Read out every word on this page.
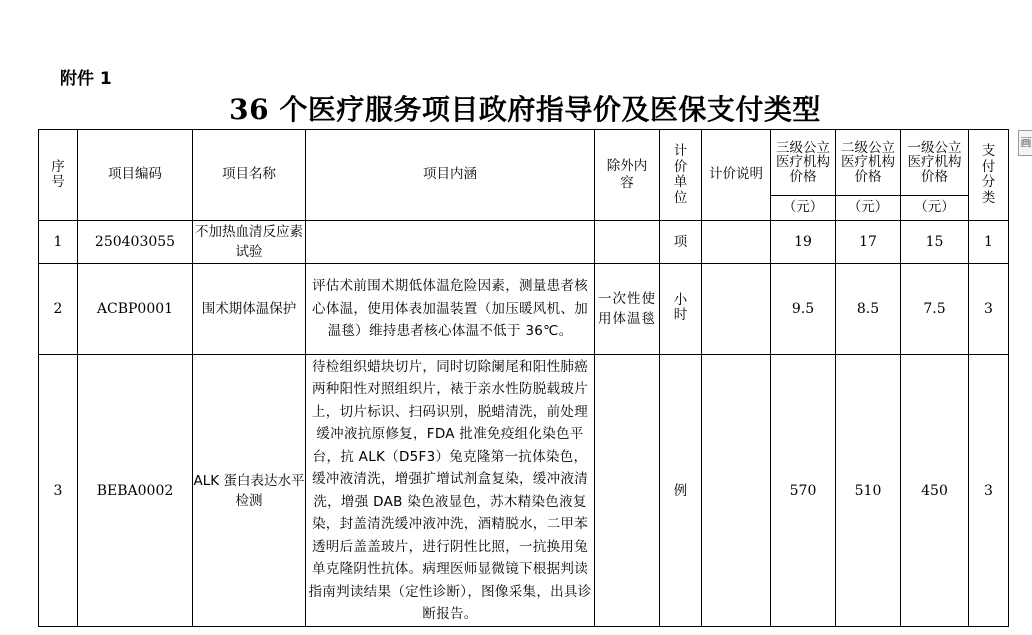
附件 1
36 个医疗服务项目政府指导价及医保支付类型
画
序号	项目编码	项目名称	项目内涵	除外内容	计价单位	计价说明	三级公立医疗机构价格	二级公立医疗机构价格	一级公立医疗机构价格	支付分类
							（元）	（元）	（元）	
1	250403055	不加热血清反应素试验			项		19	17	15	1
2	ACBP0001	围术期体温保护	评估术前围术期低体温危险因素，测量患者核心体温，使用体表加温装置（加压暖风机、加温毯）维持患者核心体温不低于 36℃。	一次性使用体温毯	小时		9.5	8.5	7.5	3
3	BEBA0002	ALK 蛋白表达水平检测	待检组织蜡块切片，同时切除阑尾和阳性肺癌两种阳性对照组织片，裱于亲水性防脱载玻片上，切片标识、扫码识别，脱蜡清洗，前处理缓冲液抗原修复，FDA 批准免疫组化染色平台，抗 ALK（D5F3）兔克隆第一抗体染色，缓冲液清洗，增强扩增试剂盒复染，缓冲液清洗，增强 DAB 染色液显色，苏木精染色液复染，封盖清洗缓冲液冲洗，酒精脱水，二甲苯透明后盖盖玻片，进行阴性比照，一抗换用兔单克隆阴性抗体。病理医师显微镜下根据判读指南判读结果（定性诊断），图像采集，出具诊断报告。		例		570	510	450	3
